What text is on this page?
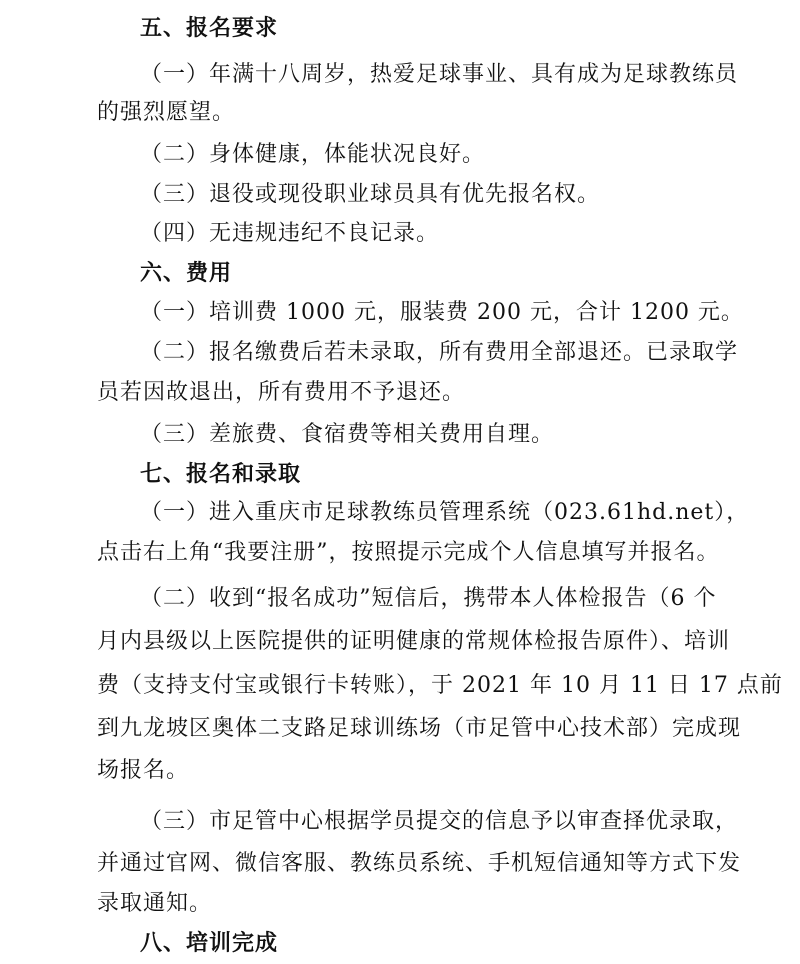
五、报名要求
（一）年满十八周岁，热爱足球事业、具有成为足球教练员
的强烈愿望。
（二）身体健康，体能状况良好。
（三）退役或现役职业球员具有优先报名权。
（四）无违规违纪不良记录。
六、费用
（一）培训费 1000 元，服装费 200 元，合计 1200 元。
（二）报名缴费后若未录取，所有费用全部退还。已录取学
员若因故退出，所有费用不予退还。
（三）差旅费、食宿费等相关费用自理。
七、报名和录取
（一）进入重庆市足球教练员管理系统（023.61hd.net），
点击右上角“我要注册”，按照提示完成个人信息填写并报名。
（二）收到“报名成功”短信后，携带本人体检报告（6 个
月内县级以上医院提供的证明健康的常规体检报告原件）、培训
费（支持支付宝或银行卡转账），于 2021 年 10 月 11 日 17 点前
到九龙坡区奥体二支路足球训练场（市足管中心技术部）完成现
场报名。
（三）市足管中心根据学员提交的信息予以审查择优录取，
并通过官网、微信客服、教练员系统、手机短信通知等方式下发
录取通知。
八、培训完成
